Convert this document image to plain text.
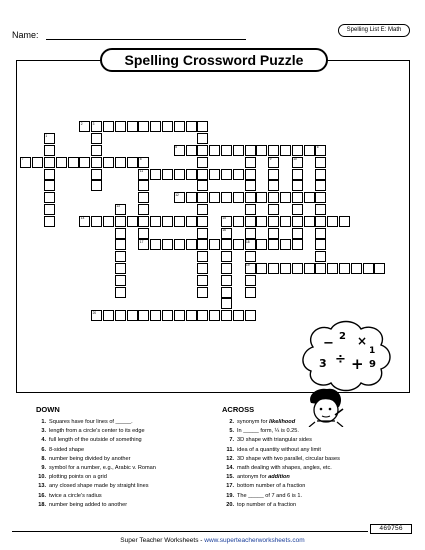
Name:	Spelling List E: Math
Spelling Crossword Puzzle
2	3
1
5	6
7	8	9	10
11
12
13
14	15
16
17	18
19
20
− 2 ×
3 ÷ + 9
1
DOWN
1. Squares have four lines of _____.
3. length from a circle's center to its edge
4. full length of the outside of something
6. 8-sided shape
8. number being divided by another
9. symbol for a number, e.g., Arabic v. Roman
10. plotting points on a grid
13. any closed shape made by straight lines
16. twice a circle's radius
18. number being added to another
ACROSS
2. synonym for likelihood
5. In _____ form, ¼ is 0.25.
7. 3D shape with triangular sides
11. idea of a quantity without any limit
12. 3D shape with two parallel, circular bases
14. math dealing with shapes, angles, etc.
15. antonym for addition
17. bottom number of a fraction
19. The _____ of 7 and 6 is 1.
20. top number of a fraction
Super Teacher Worksheets - www.superteacherworksheets.com
469756
